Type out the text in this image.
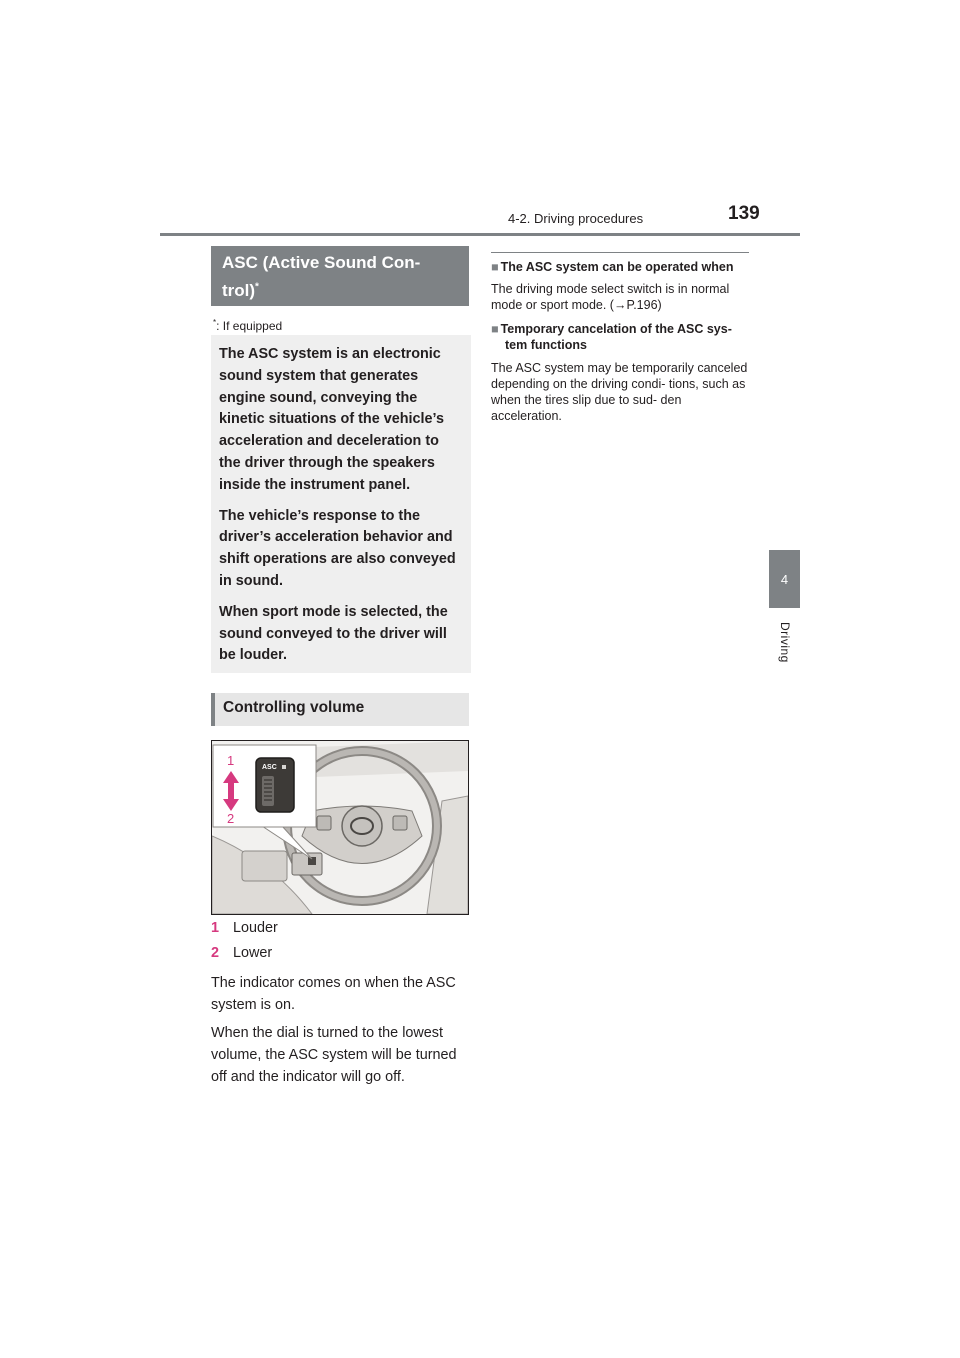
4-2. Driving procedures	139
4
Driving
ASC (Active Sound Con-
trol)*
*: If equipped

The ASC system is an electronic sound system that generates engine sound, conveying the kinetic situations of the vehicle’s acceleration and deceleration to the driver through the speakers inside the instrument panel.

The vehicle’s response to the driver’s acceleration behavior and shift operations are also conveyed in sound.

When sport mode is selected, the sound conveyed to the driver will be louder.

Controlling volume
ASC
1
2
1 Louder
2 Lower

The indicator comes on when the ASC system is on.

When the dial is turned to the lowest volume, the ASC system will be turned off and the indicator will go off.

■ The ASC system can be operated when

The driving mode select switch is in normal mode or sport mode. (→P.196)

■ Temporary cancelation of the ASC sys- tem functions

The ASC system may be temporarily canceled depending on the driving condi- tions, such as when the tires slip due to sud- den acceleration.
